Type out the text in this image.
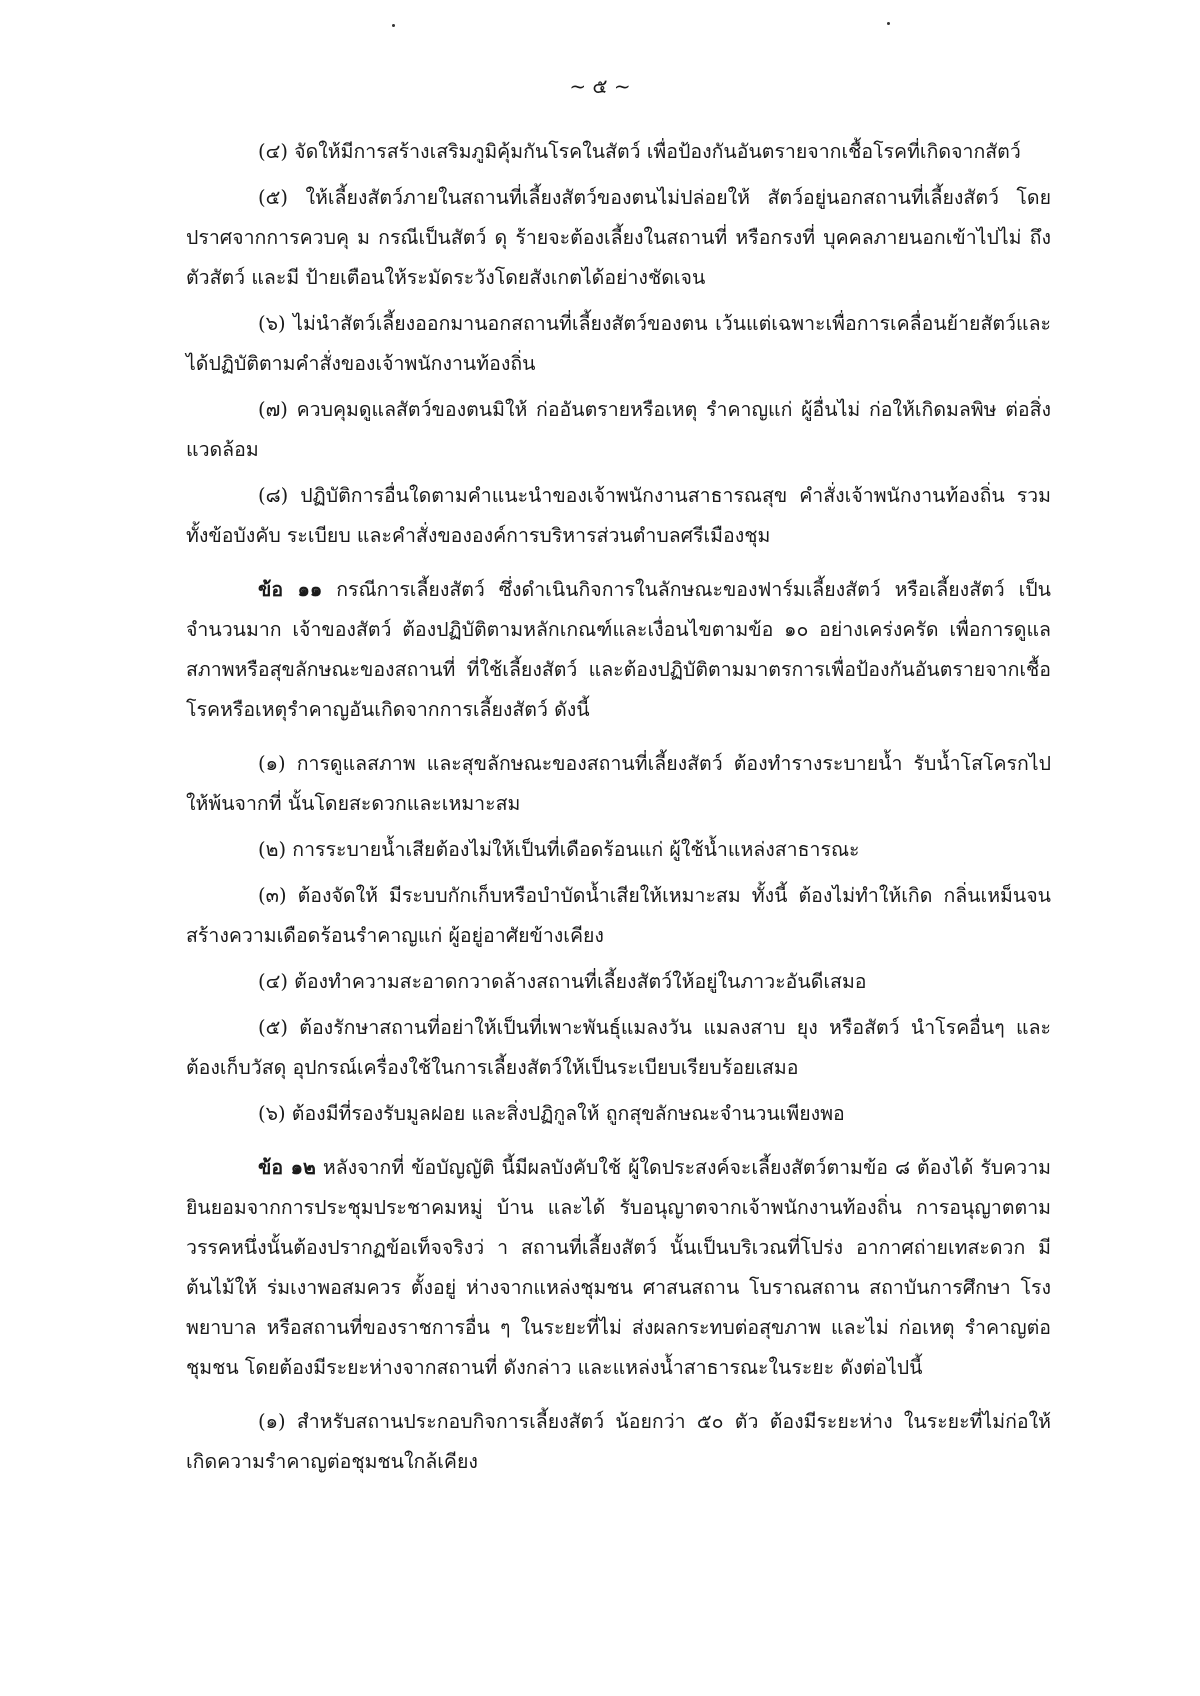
~ ๕ ~

(๔) จัดให้มีการสร้างเสริมภูมิคุ้มกันโรคในสัตว์ เพื่อป้องกันอันตรายจากเชื้อโรคที่เกิดจากสัตว์

(๕) ให้เลี้ยงสัตว์ภายในสถานที่เลี้ยงสัตว์ของตนไม่ปล่อยให้ สัตว์อยู่นอกสถานที่เลี้ยงสัตว์ โดยปราศจากการควบคุ ม กรณีเป็นสัตว์ ดุ ร้ายจะต้องเลี้ยงในสถานที่ หรือกรงที่ บุคคลภายนอกเข้าไปไม่ ถึงตัวสัตว์ และมี ป้ายเตือนให้ระมัดระวังโดยสังเกตได้อย่างชัดเจน

(๖) ไม่นำสัตว์เลี้ยงออกมานอกสถานที่เลี้ยงสัตว์ของตน เว้นแต่เฉพาะเพื่อการเคลื่อนย้ายสัตว์และได้ปฏิบัติตามคำสั่งของเจ้าพนักงานท้องถิ่น

(๗) ควบคุมดูแลสัตว์ของตนมิให้ ก่ออันตรายหรือเหตุ รำคาญแก่ ผู้อื่นไม่ ก่อให้เกิดมลพิษ ต่อสิ่งแวดล้อม

(๘) ปฏิบัติการอื่นใดตามคำแนะนำของเจ้าพนักงานสาธารณสุข คำสั่งเจ้าพนักงานท้องถิ่น รวมทั้งข้อบังคับ ระเบียบ และคำสั่งขององค์การบริหารส่วนตำบลศรีเมืองชุม

ข้อ ๑๑ กรณีการเลี้ยงสัตว์ ซึ่งดำเนินกิจการในลักษณะของฟาร์มเลี้ยงสัตว์ หรือเลี้ยงสัตว์ เป็นจำนวนมาก เจ้าของสัตว์ ต้องปฏิบัติตามหลักเกณฑ์และเงื่อนไขตามข้อ ๑๐ อย่างเคร่งครัด เพื่อการดูแลสภาพหรือสุขลักษณะของสถานที่ ที่ใช้เลี้ยงสัตว์ และต้องปฏิบัติตามมาตรการเพื่อป้องกันอันตรายจากเชื้อโรคหรือเหตุรำคาญอันเกิดจากการเลี้ยงสัตว์ ดังนี้

(๑) การดูแลสภาพ และสุขลักษณะของสถานที่เลี้ยงสัตว์ ต้องทำรางระบายน้ำ รับน้ำโสโครกไปให้พ้นจากที่ นั้นโดยสะดวกและเหมาะสม

(๒) การระบายน้ำเสียต้องไม่ให้เป็นที่เดือดร้อนแก่ ผู้ใช้น้ำแหล่งสาธารณะ

(๓) ต้องจัดให้ มีระบบกักเก็บหรือบำบัดน้ำเสียให้เหมาะสม ทั้งนี้ ต้องไม่ทำให้เกิด กลิ่นเหม็นจนสร้างความเดือดร้อนรำคาญแก่ ผู้อยู่อาศัยข้างเคียง

(๔) ต้องทำความสะอาดกวาดล้างสถานที่เลี้ยงสัตว์ให้อยู่ในภาวะอันดีเสมอ

(๕) ต้องรักษาสถานที่อย่าให้เป็นที่เพาะพันธุ์แมลงวัน แมลงสาบ ยุง หรือสัตว์ นำโรคอื่นๆ และต้องเก็บวัสดุ อุปกรณ์เครื่องใช้ในการเลี้ยงสัตว์ให้เป็นระเบียบเรียบร้อยเสมอ

(๖) ต้องมีที่รองรับมูลฝอย และสิ่งปฏิกูลให้ ถูกสุขลักษณะจำนวนเพียงพอ

ข้อ ๑๒ หลังจากที่ ข้อบัญญัติ นี้มีผลบังคับใช้ ผู้ใดประสงค์จะเลี้ยงสัตว์ตามข้อ ๘ ต้องได้ รับความยินยอมจากการประชุมประชาคมหมู่ บ้าน และได้ รับอนุญาตจากเจ้าพนักงานท้องถิ่น การอนุญาตตามวรรคหนึ่งนั้นต้องปรากฏข้อเท็จจริงว่ า สถานที่เลี้ยงสัตว์ นั้นเป็นบริเวณที่โปร่ง อากาศถ่ายเทสะดวก มี ต้นไม้ให้ ร่มเงาพอสมควร ตั้งอยู่ ห่างจากแหล่งชุมชน ศาสนสถาน โบราณสถาน สถาบันการศึกษา โรงพยาบาล หรือสถานที่ของราชการอื่น ๆ ในระยะที่ไม่ ส่งผลกระทบต่อสุขภาพ และไม่ ก่อเหตุ รำคาญต่อชุมชน โดยต้องมีระยะห่างจากสถานที่ ดังกล่าว และแหล่งน้ำสาธารณะในระยะ ดังต่อไปนี้

(๑) สำหรับสถานประกอบกิจการเลี้ยงสัตว์ น้อยกว่า ๕๐ ตัว ต้องมีระยะห่าง ในระยะที่ไม่ก่อให้เกิดความรำคาญต่อชุมชนใกล้เคียง
